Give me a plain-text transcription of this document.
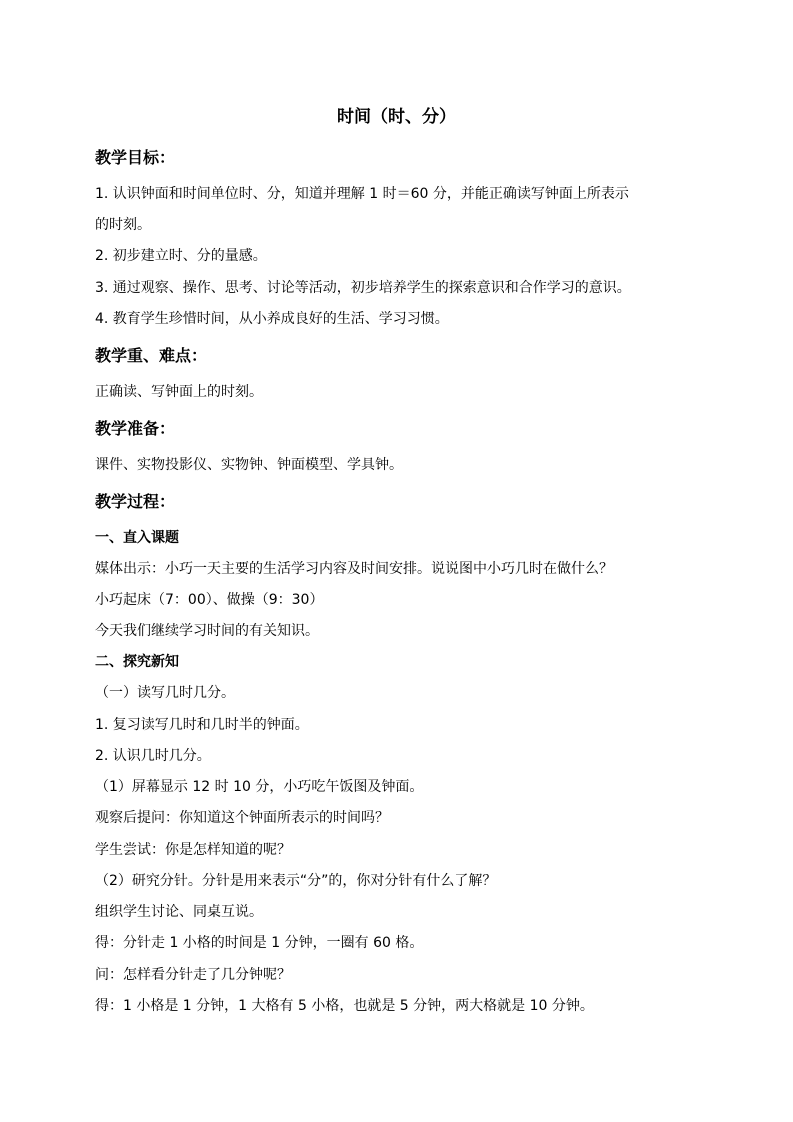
时间（时、分）

教学目标：

1. 认识钟面和时间单位时、分，知道并理解 1 时＝60 分，并能正确读写钟面上所表示

的时刻。

2. 初步建立时、分的量感。

3. 通过观察、操作、思考、讨论等活动，初步培养学生的探索意识和合作学习的意识。

4. 教育学生珍惜时间，从小养成良好的生活、学习习惯。

教学重、难点：

正确读、写钟面上的时刻。

教学准备：

课件、实物投影仪、实物钟、钟面模型、学具钟。

教学过程：

一、直入课题

媒体出示：小巧一天主要的生活学习内容及时间安排。说说图中小巧几时在做什么？

小巧起床（7：00）、做操（9：30）

今天我们继续学习时间的有关知识。

二、探究新知

（一）读写几时几分。

1. 复习读写几时和几时半的钟面。

2. 认识几时几分。

（1）屏幕显示 12 时 10 分，小巧吃午饭图及钟面。

观察后提问：你知道这个钟面所表示的时间吗？

学生尝试：你是怎样知道的呢？

（2）研究分针。分针是用来表示“分”的，你对分针有什么了解？

组织学生讨论、同桌互说。

得：分针走 1 小格的时间是 1 分钟，一圈有 60 格。

问：怎样看分针走了几分钟呢？

得：1 小格是 1 分钟，1 大格有 5 小格，也就是 5 分钟，两大格就是 10 分钟。
